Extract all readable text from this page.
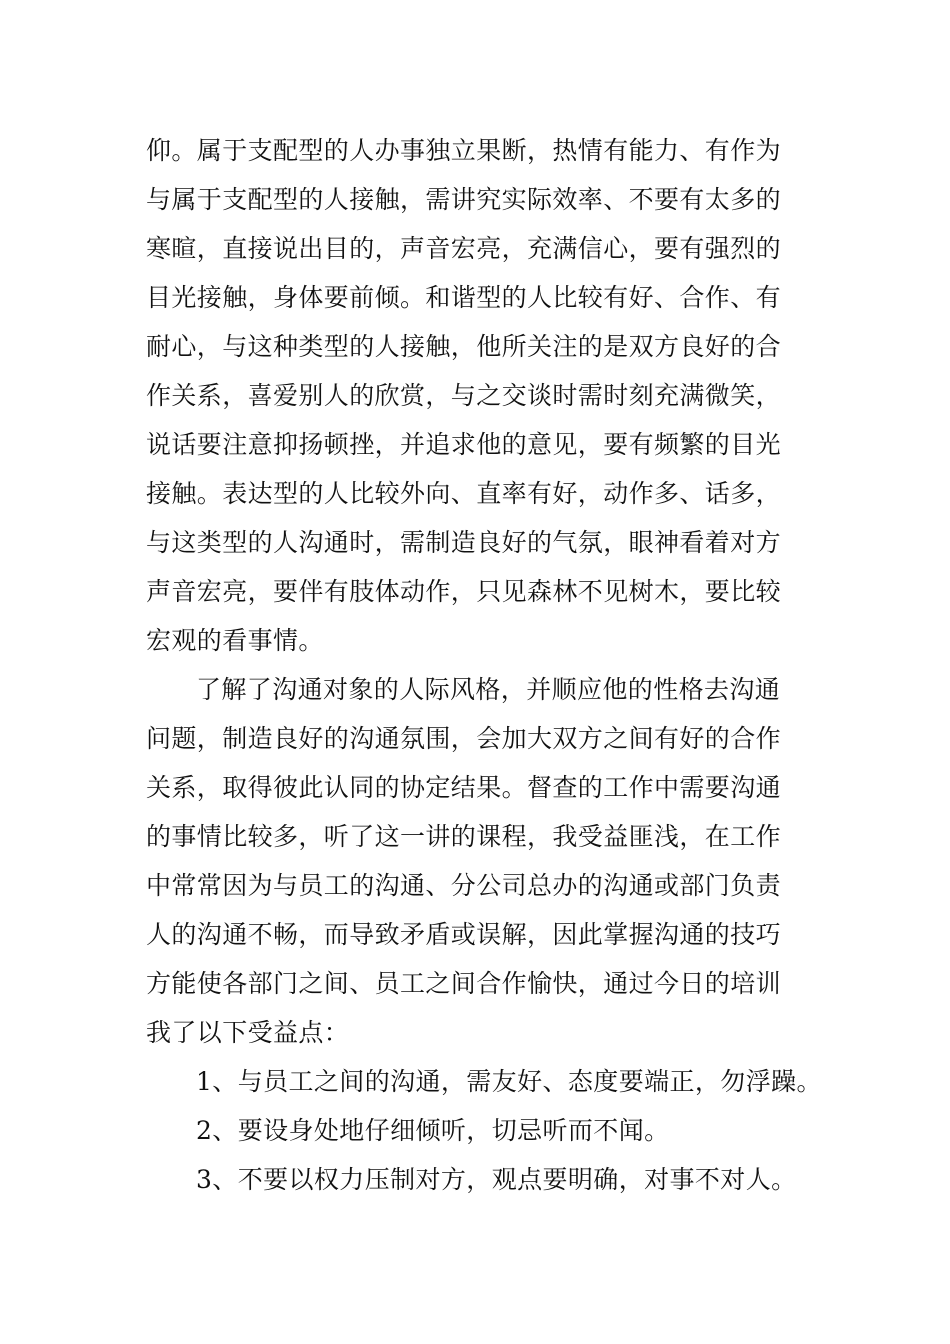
仰。属于支配型的人办事独立果断，热情有能力、有作为
与属于支配型的人接触，需讲究实际效率、不要有太多的
寒暄，直接说出目的，声音宏亮，充满信心，要有强烈的
目光接触，身体要前倾。和谐型的人比较有好、合作、有
耐心，与这种类型的人接触，他所关注的是双方良好的合
作关系，喜爱别人的欣赏，与之交谈时需时刻充满微笑，
说话要注意抑扬顿挫，并追求他的意见，要有频繁的目光
接触。表达型的人比较外向、直率有好，动作多、话多，
与这类型的人沟通时，需制造良好的气氛，眼神看着对方
声音宏亮，要伴有肢体动作，只见森林不见树木，要比较
宏观的看事情。
了解了沟通对象的人际风格，并顺应他的性格去沟通
问题，制造良好的沟通氛围，会加大双方之间有好的合作
关系，取得彼此认同的协定结果。督查的工作中需要沟通
的事情比较多，听了这一讲的课程，我受益匪浅，在工作
中常常因为与员工的沟通、分公司总办的沟通或部门负责
人的沟通不畅，而导致矛盾或误解，因此掌握沟通的技巧
方能使各部门之间、员工之间合作愉快，通过今日的培训
我了以下受益点：
1、与员工之间的沟通，需友好、态度要端正，勿浮躁。
2、要设身处地仔细倾听，切忌听而不闻。
3、不要以权力压制对方，观点要明确，对事不对人。
